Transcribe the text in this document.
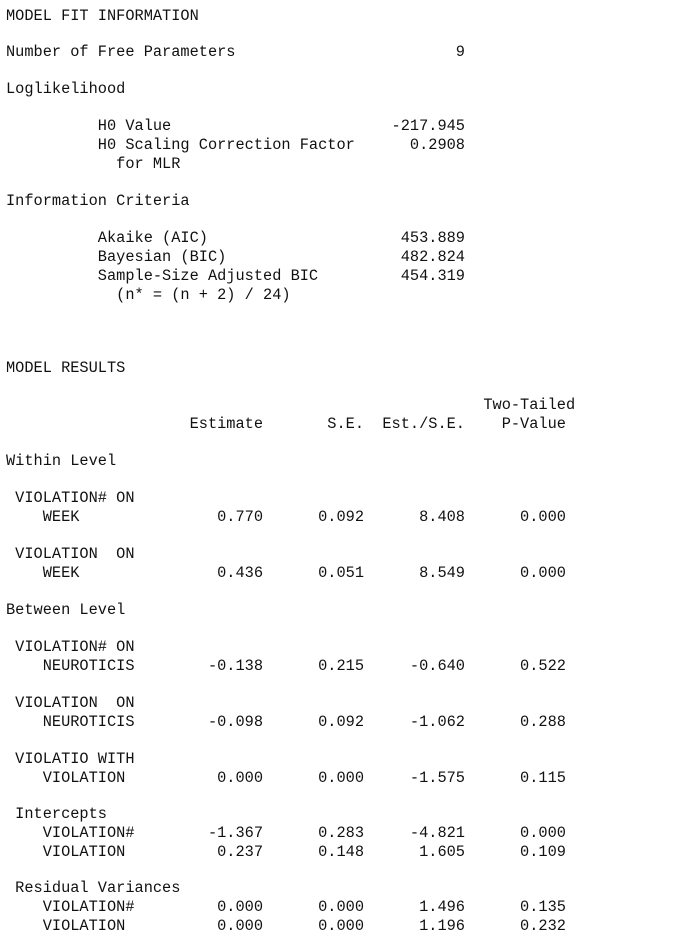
MODEL FIT INFORMATION
Number of Free Parameters                        9
Loglikelihood
H0 Value                        -217.945
H0 Scaling Correction Factor      0.2908
for MLR
Information Criteria
Akaike (AIC)                     453.889
Bayesian (BIC)                   482.824
Sample-Size Adjusted BIC         454.319
(n* = (n + 2) / 24)
MODEL RESULTS
Two-Tailed
Estimate       S.E.  Est./S.E.    P-Value
Within Level
VIOLATION# ON
WEEK               0.770      0.092      8.408      0.000
VIOLATION  ON
WEEK               0.436      0.051      8.549      0.000
Between Level
VIOLATION# ON
NEUROTICIS        -0.138      0.215     -0.640      0.522
VIOLATION  ON
NEUROTICIS        -0.098      0.092     -1.062      0.288
VIOLATIO WITH
VIOLATION          0.000      0.000     -1.575      0.115
Intercepts
VIOLATION#        -1.367      0.283     -4.821      0.000
VIOLATION          0.237      0.148      1.605      0.109
Residual Variances
VIOLATION#         0.000      0.000      1.496      0.135
VIOLATION          0.000      0.000      1.196      0.232
